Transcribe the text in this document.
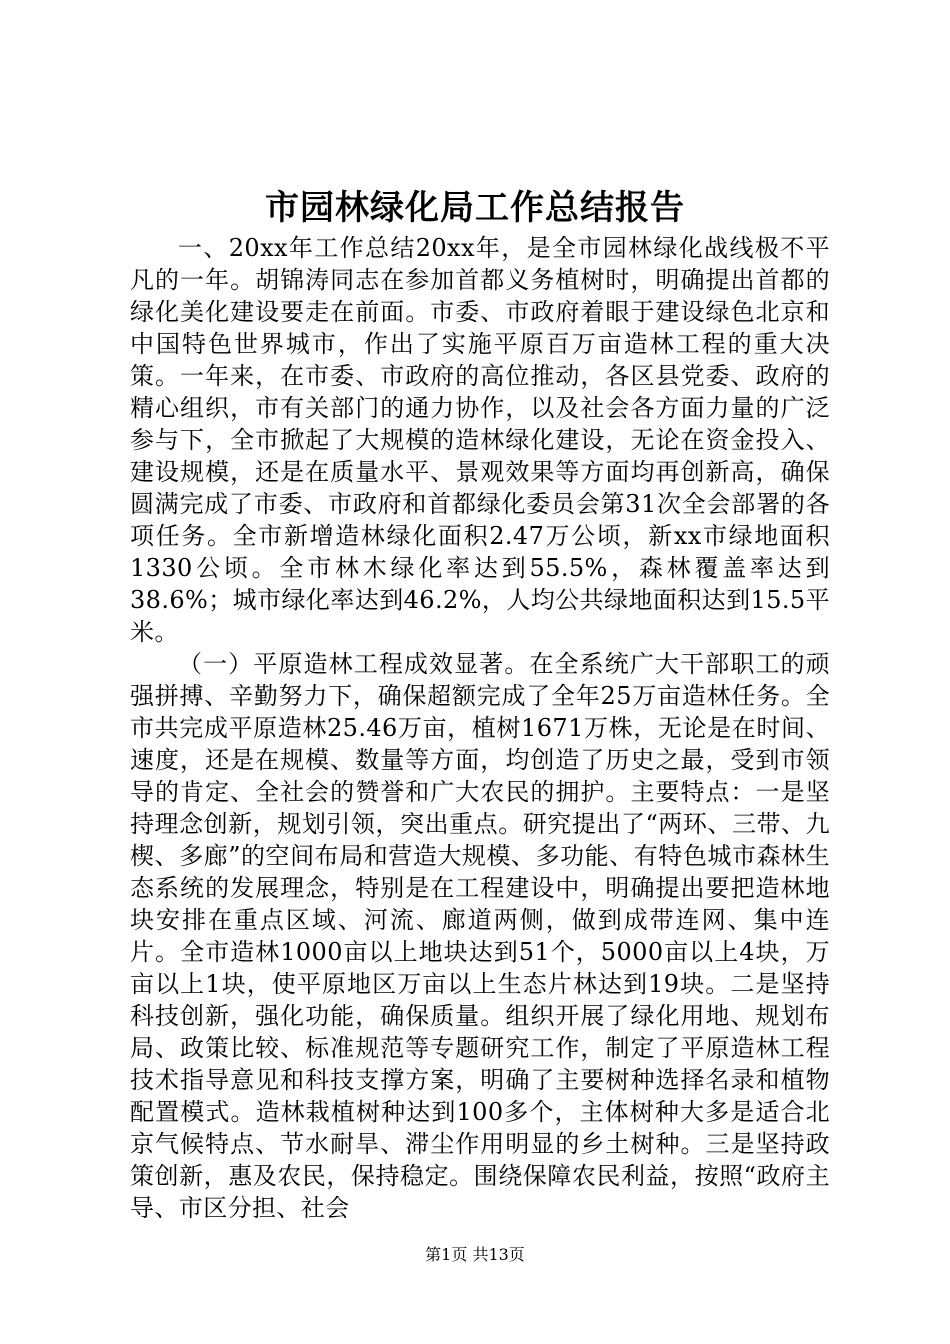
市园林绿化局工作总结报告

一、20xx年工作总结20xx年，是全市园林绿化战线极不平凡的一年。胡锦涛同志在参加首都义务植树时，明确提出首都的绿化美化建设要走在前面。市委、市政府着眼于建设绿色北京和中国特色世界城市，作出了实施平原百万亩造林工程的重大决策。一年来，在市委、市政府的高位推动，各区县党委、政府的精心组织，市有关部门的通力协作，以及社会各方面力量的广泛参与下，全市掀起了大规模的造林绿化建设，无论在资金投入、建设规模，还是在质量水平、景观效果等方面均再创新高，确保圆满完成了市委、市政府和首都绿化委员会第31次全会部署的各项任务。全市新增造林绿化面积2.47万公顷，新xx市绿地面积1330公顷。全市林木绿化率达到55.5%，森林覆盖率达到38.6%；城市绿化率达到46.2%，人均公共绿地面积达到15.5平米。

（一）平原造林工程成效显著。在全系统广大干部职工的顽强拼搏、辛勤努力下，确保超额完成了全年25万亩造林任务。全市共完成平原造林25.46万亩，植树1671万株，无论是在时间、速度，还是在规模、数量等方面，均创造了历史之最，受到市领导的肯定、全社会的赞誉和广大农民的拥护。主要特点：一是坚持理念创新，规划引领，突出重点。研究提出了“两环、三带、九楔、多廊”的空间布局和营造大规模、多功能、有特色城市森林生态系统的发展理念，特别是在工程建设中，明确提出要把造林地块安排在重点区域、河流、廊道两侧，做到成带连网、集中连片。全市造林1000亩以上地块达到51个，5000亩以上4块，万亩以上1块，使平原地区万亩以上生态片林达到19块。二是坚持科技创新，强化功能，确保质量。组织开展了绿化用地、规划布局、政策比较、标准规范等专题研究工作，制定了平原造林工程技术指导意见和科技支撑方案，明确了主要树种选择名录和植物配置模式。造林栽植树种达到100多个，主体树种大多是适合北京气候特点、节水耐旱、滞尘作用明显的乡土树种。三是坚持政策创新，惠及农民，保持稳定。围绕保障农民利益，按照“政府主导、市区分担、社会

第1页 共13页
